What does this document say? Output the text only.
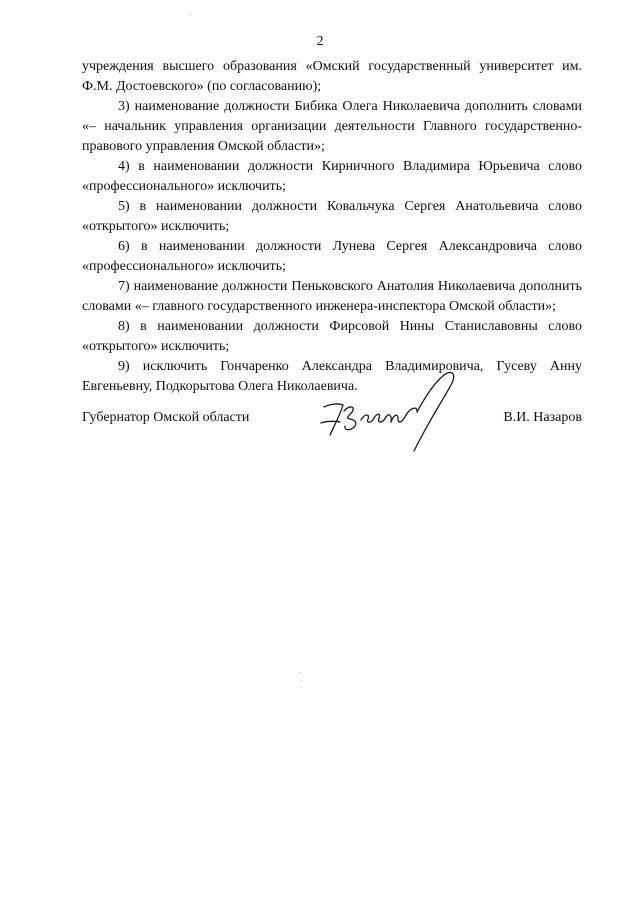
2

учреждения высшего образования «Омский государственный университет им. Ф.М. Достоевского» (по согласованию);

3) наименование должности Бибика Олега Николаевича дополнить словами «– начальник управления организации деятельности Главного государственно-правового управления Омской области»;

4) в наименовании должности Кирничного Владимира Юрьевича слово «профессионального» исключить;

5) в наименовании должности Ковальчука Сергея Анатольевича слово «открытого» исключить;

6) в наименовании должности Лунева Сергея Александровича слово «профессионального» исключить;

7) наименование должности Пеньковского Анатолия Николаевича дополнить словами «– главного государственного инженера-инспектора Омской области»;

8) в наименовании должности Фирсовой Нины Станиславовны слово «открытого» исключить;

9) исключить Гончаренко Александра Владимировича, Гусеву Анну Евгеньевну, Подкорытова Олега Николаевича.

Губернатор Омской области	В.И. Назаров
